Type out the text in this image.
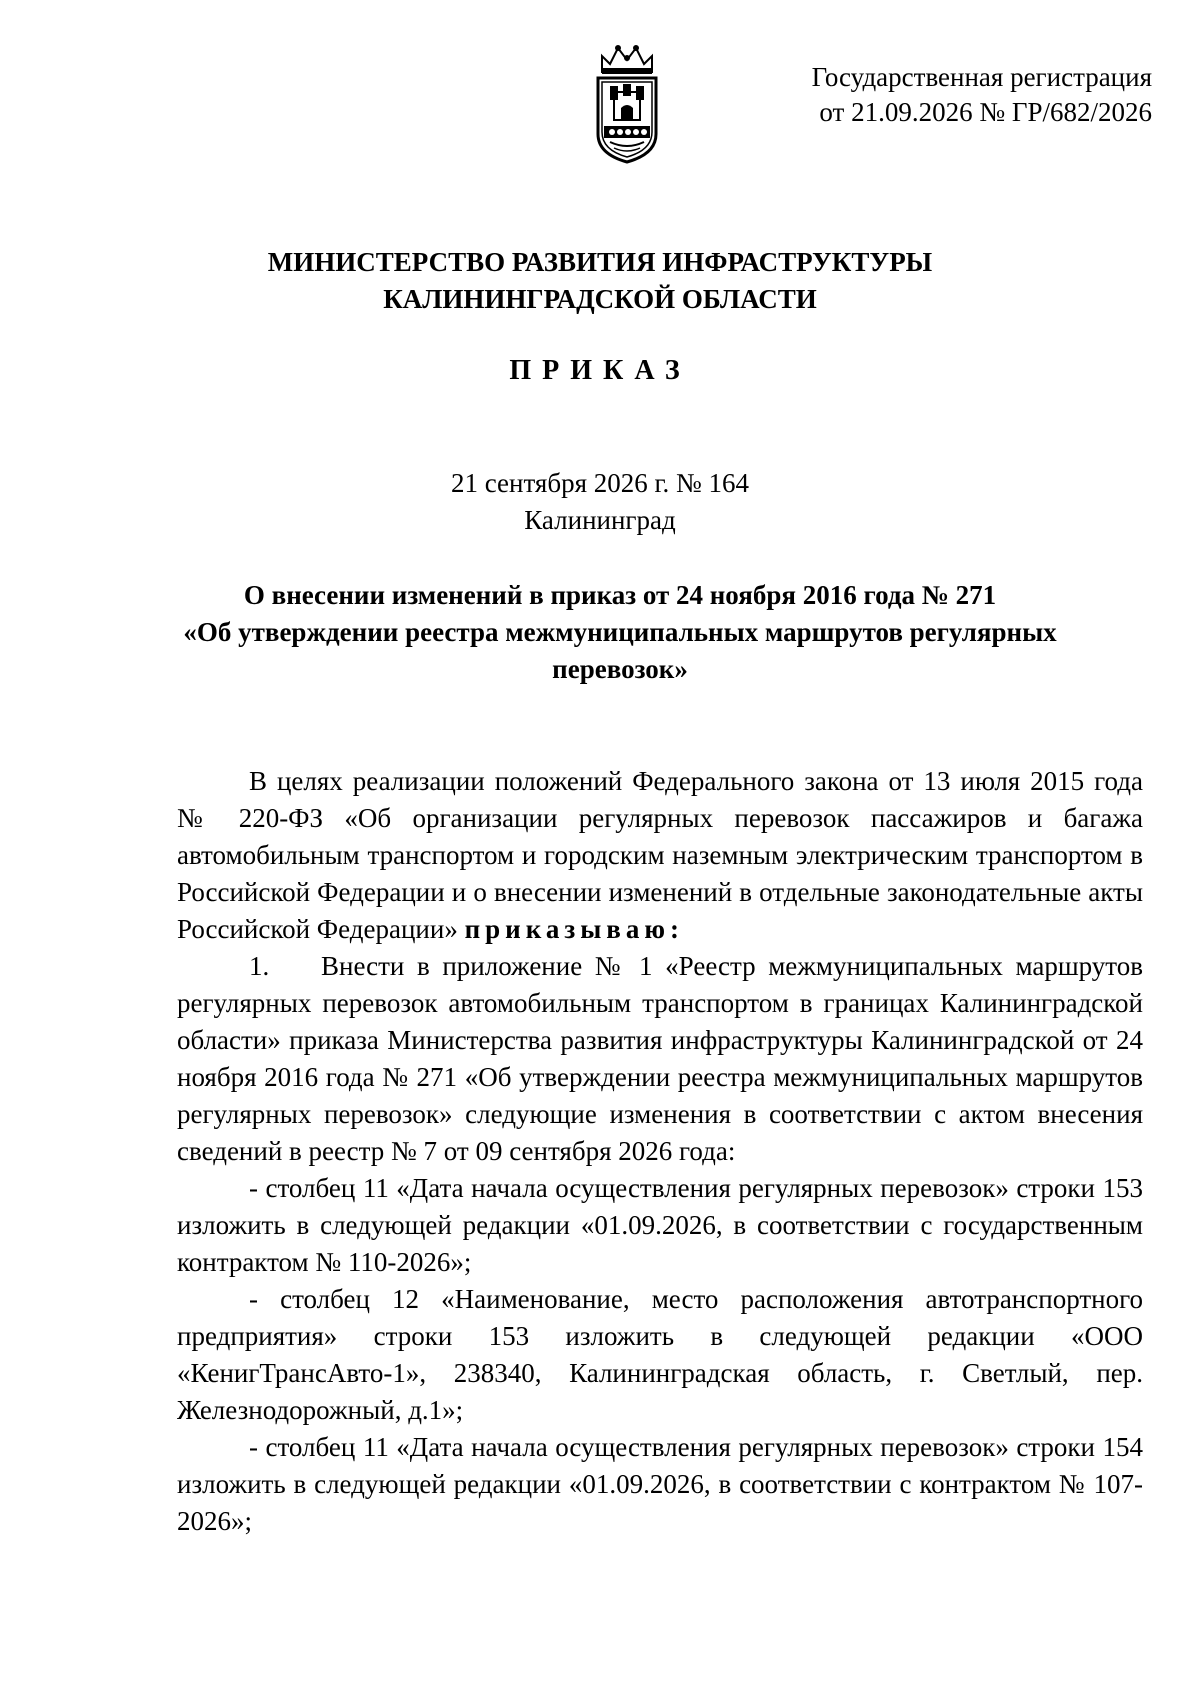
Государственная регистрация
от 21.09.2026 № ГР/682/2026
МИНИСТЕРСТВО РАЗВИТИЯ ИНФРАСТРУКТУРЫ
КАЛИНИНГРАДСКОЙ ОБЛАСТИ
ПРИКАЗ
21 сентября 2026 г. № 164
Калининград
О внесении изменений в приказ от 24 ноября 2016 года № 271
«Об утверждении реестра межмуниципальных маршрутов регулярных
перевозок»

В целях реализации положений Федерального закона от 13 июля 2015 года № 220-ФЗ «Об организации регулярных перевозок пассажиров и багажа автомобильным транспортом и городским наземным электрическим транспортом в Российской Федерации и о внесении изменений в отдельные законодательные акты Российской Федерации» приказываю:

1. Внести в приложение № 1 «Реестр межмуниципальных маршрутов регулярных перевозок автомобильным транспортом в границах Калининградской области» приказа Министерства развития инфраструктуры Калининградской от 24 ноября 2016 года № 271 «Об утверждении реестра межмуниципальных маршрутов регулярных перевозок» следующие изменения в соответствии с актом внесения сведений в реестр № 7 от 09 сентября 2026 года:

- столбец 11 «Дата начала осуществления регулярных перевозок» строки 153 изложить в следующей редакции «01.09.2026, в соответствии с государственным контрактом № 110-2026»;

- столбец 12 «Наименование, место расположения автотранспортного предприятия» строки 153 изложить в следующей редакции «ООО «КенигТрансАвто-1», 238340, Калининградская область, г. Светлый, пер. Железнодорожный, д.1»;

- столбец 11 «Дата начала осуществления регулярных перевозок» строки 154 изложить в следующей редакции «01.09.2026, в соответствии с контрактом № 107-2026»;
